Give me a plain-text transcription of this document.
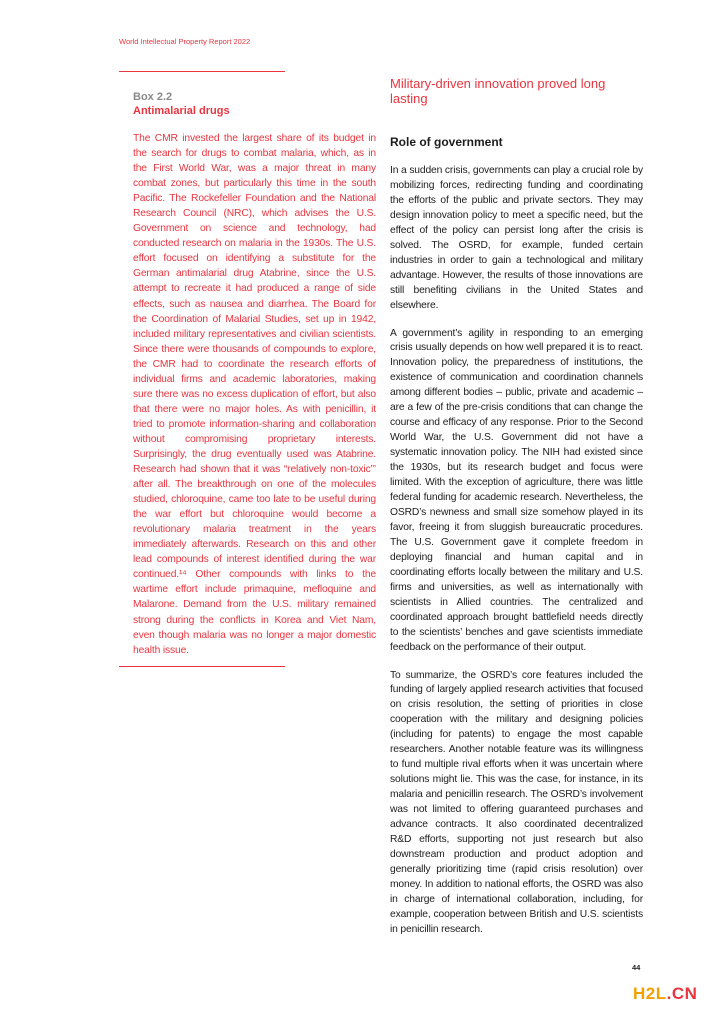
World Intellectual Property Report 2022
Box 2.2
Antimalarial drugs

The CMR invested the largest share of its budget in the search for drugs to combat malaria, which, as in the First World War, was a major threat in many combat zones, but particularly this time in the south Pacific. The Rockefeller Foundation and the National Research Council (NRC), which advises the U.S. Government on science and technology, had conducted research on malaria in the 1930s. The U.S. effort focused on identifying a substitute for the German antimalarial drug Atabrine, since the U.S. attempt to recreate it had produced a range of side effects, such as nausea and diarrhea. The Board for the Coordination of Malarial Studies, set up in 1942, included military representatives and civilian scientists. Since there were thousands of compounds to explore, the CMR had to coordinate the research efforts of individual firms and academic laboratories, making sure there was no excess duplication of effort, but also that there were no major holes. As with penicillin, it tried to promote information-sharing and collaboration without compromising proprietary interests. Surprisingly, the drug eventually used was Atabrine. Research had shown that it was “relatively non-toxic”’ after all. The breakthrough on one of the molecules studied, chloroquine, came too late to be useful during the war effort but chloroquine would become a revolutionary malaria treatment in the years immediately afterwards. Research on this and other lead compounds of interest identified during the war continued.¹⁴ Other compounds with links to the wartime effort include primaquine, mefloquine and Malarone. Demand from the U.S. military remained strong during the conflicts in Korea and Viet Nam, even though malaria was no longer a major domestic health issue.

Military-driven innovation proved long lasting
Role of government

In a sudden crisis, governments can play a crucial role by mobilizing forces, redirecting funding and coordinating the efforts of the public and private sectors. They may design innovation policy to meet a specific need, but the effect of the policy can persist long after the crisis is solved. The OSRD, for example, funded certain industries in order to gain a technological and military advantage. However, the results of those innovations are still benefiting civilians in the United States and elsewhere.

A government’s agility in responding to an emerging crisis usually depends on how well prepared it is to react. Innovation policy, the preparedness of institutions, the existence of communication and coordination channels among different bodies – public, private and academic – are a few of the pre-crisis conditions that can change the course and efficacy of any response. Prior to the Second World War, the U.S. Government did not have a systematic innovation policy. The NIH had existed since the 1930s, but its research budget and focus were limited. With the exception of agriculture, there was little federal funding for academic research. Nevertheless, the OSRD’s newness and small size somehow played in its favor, freeing it from sluggish bureaucratic procedures. The U.S. Government gave it complete freedom in deploying financial and human capital and in coordinating efforts locally between the military and U.S. firms and universities, as well as internationally with scientists in Allied countries. The centralized and coordinated approach brought battlefield needs directly to the scientists’ benches and gave scientists immediate feedback on the performance of their output.

To summarize, the OSRD’s core features included the funding of largely applied research activities that focused on crisis resolution, the setting of priorities in close cooperation with the military and designing policies (including for patents) to engage the most capable researchers. Another notable feature was its willingness to fund multiple rival efforts when it was uncertain where solutions might lie. This was the case, for instance, in its malaria and penicillin research. The OSRD’s involvement was not limited to offering guaranteed purchases and advance contracts. It also coordinated decentralized R&D efforts, supporting not just research but also downstream production and product adoption and generally prioritizing time (rapid crisis resolution) over money. In addition to national efforts, the OSRD was also in charge of international collaboration, including, for example, cooperation between British and U.S. scientists in penicillin research.

44
H2L.CN
